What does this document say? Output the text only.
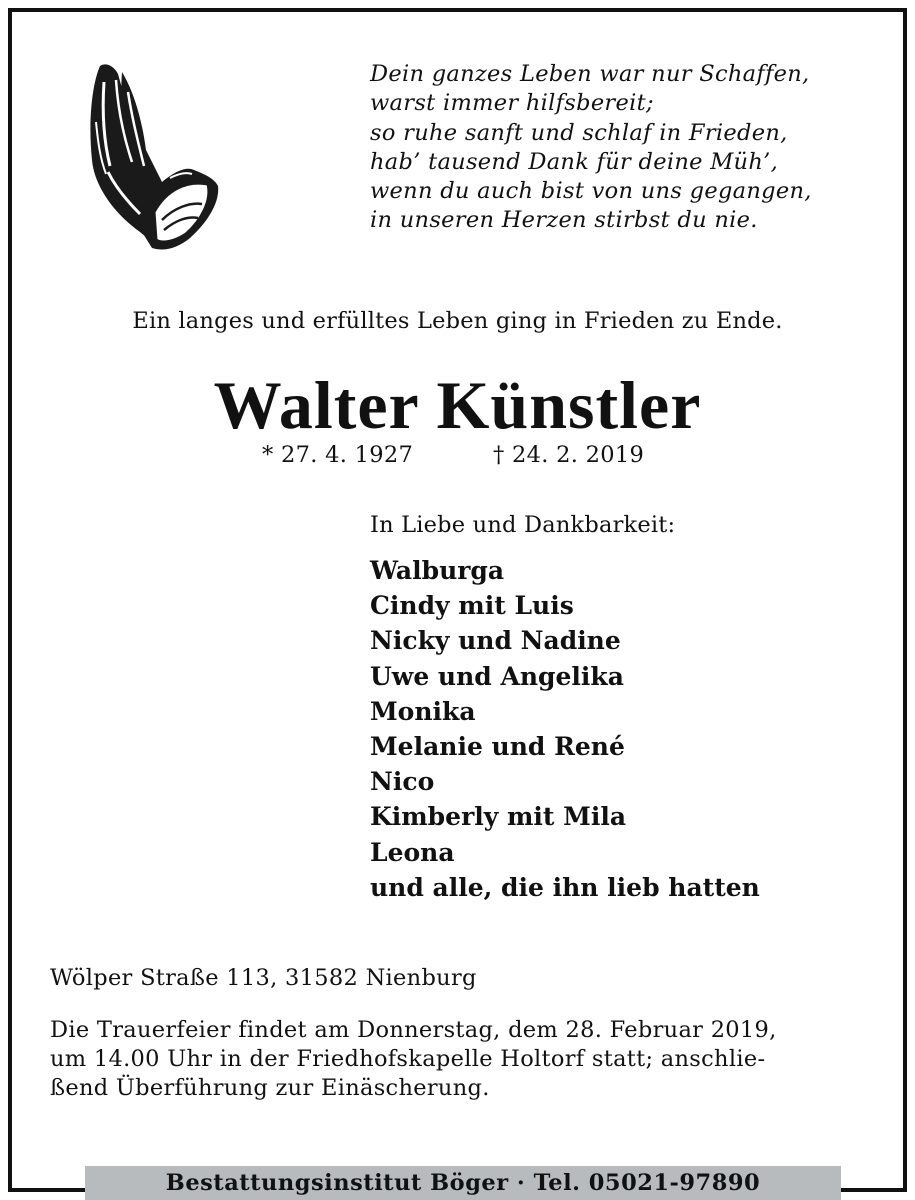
Dein ganzes Leben war nur Schaffen,
warst immer hilfsbereit;
so ruhe sanft und schlaf in Frieden,
hab’ tausend Dank für deine Müh’,
wenn du auch bist von uns gegangen,
in unseren Herzen stirbst du nie.
Ein langes und erfülltes Leben ging in Frieden zu Ende.
Walter Künstler
* 27. 4. 1927	† 24. 2. 2019
In Liebe und Dankbarkeit:
Walburga
Cindy mit Luis
Nicky und Nadine
Uwe und Angelika
Monika
Melanie und René
Nico
Kimberly mit Mila
Leona
und alle, die ihn lieb hatten
Wölper Straße 113, 31582 Nienburg
Die Trauerfeier findet am Donnerstag, dem 28. Februar 2019,
um 14.00 Uhr in der Friedhofskapelle Holtorf statt; anschlie-
ßend Überführung zur Einäscherung.
Bestattungsinstitut Böger · Tel. 05021-97890
